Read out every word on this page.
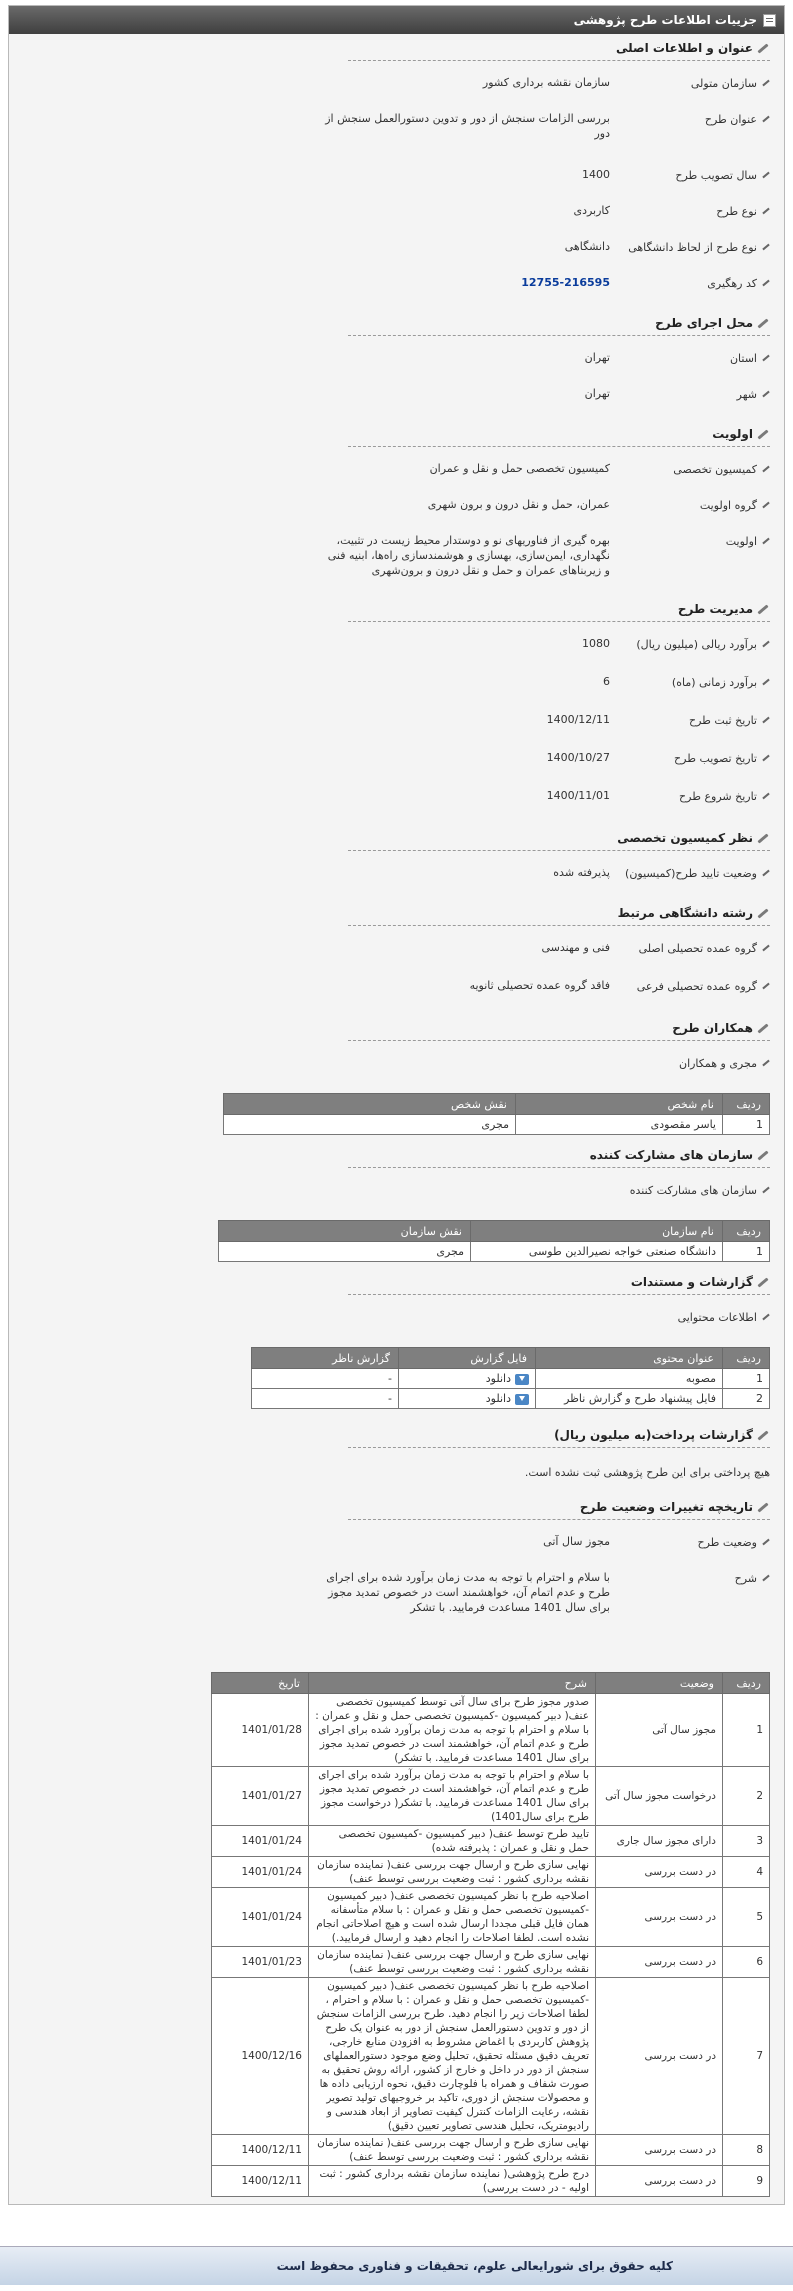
جزییات اطلاعات طرح پژوهشی
عنوان و اطلاعات اصلی
سازمان متولی
سازمان نقشه برداری کشور
عنوان طرح
بررسی الزامات سنجش از دور و تدوین دستورالعمل سنجش از دور
سال تصویب طرح
1400
نوع طرح
کاربردی
نوع طرح از لحاظ دانشگاهی
دانشگاهی
کد رهگیری
12755-216595
محل اجرای طرح
استان
تهران
شهر
تهران
اولویت
کمیسیون تخصصی
کمیسیون تخصصی حمل و نقل و عمران
گروه اولویت
عمران، حمل و نقل درون و برون شهری
اولویت
بهره گیری از فناوریهای نو و دوستدار محیط زیست در تثبیت، نگهداری، ایمن‌سازی، بهسازی و هوشمندسازی راه‌ها، ابنیه فنی و زیربناهای عمران و حمل و نقل درون و برون‌شهری
مدیریت طرح
برآورد ریالی (میلیون ریال)
1080
برآورد زمانی (ماه)
6
تاریخ ثبت طرح
1400/12/11
تاریخ تصویب طرح
1400/10/27
تاریخ شروع طرح
1400/11/01
نظر کمیسیون تخصصی
وضعیت تایید طرح(کمیسیون)
پذیرفته شده
رشته دانشگاهی مرتبط
گروه عمده تحصیلی اصلی
فنی و مهندسی
گروه عمده تحصیلی فرعی
فاقد گروه عمده تحصیلی ثانویه
همکاران طرح
مجری و همکاران
ردیف	نام شخص	نقش شخص
1	یاسر مقصودی	مجری
سازمان های مشارکت کننده
سازمان های مشارکت کننده
ردیف	نام سازمان	نقش سازمان
1	دانشگاه صنعتی خواجه نصیرالدین طوسی	مجری
گزارشات و مستندات
اطلاعات محتوایی
ردیف	عنوان محتوی	فایل گزارش	گزارش ناظر
1	مصوبه	دانلود	-
2	فایل پیشنهاد طرح و گزارش ناظر	دانلود	-
گزارشات پرداخت(به میلیون ریال)
هیچ پرداختی برای این طرح پژوهشی ثبت نشده است.
تاریخچه تغییرات وضعیت طرح
وضعیت طرح
مجوز سال آتی
شرح
با سلام و احترام با توجه به مدت زمان برآورد شده برای اجرای طرح و عدم اتمام آن، خواهشمند است در خصوص تمدید مجوز برای سال 1401 مساعدت فرمایید. با تشکر
ردیف	وضعیت	شرح	تاریخ
1	مجوز سال آتی	صدور مجوز طرح برای سال آتی توسط کمیسیون تخصصی عنف( دبیر کمیسیون -کمیسیون تخصصی حمل و نقل و عمران : با سلام و احترام با توجه به مدت زمان برآورد شده برای اجرای طرح و عدم اتمام آن، خواهشمند است در خصوص تمدید مجوز برای سال 1401 مساعدت فرمایید. با تشکر)	1401/01/28
2	درخواست مجوز سال آتی	با سلام و احترام با توجه به مدت زمان برآورد شده برای اجرای طرح و عدم اتمام آن، خواهشمند است در خصوص تمدید مجوز برای سال 1401 مساعدت فرمایید. با تشکر( درخواست مجوز طرح برای سال1401)	1401/01/27
3	دارای مجوز سال جاری	تایید طرح توسط عنف( دبیر کمیسیون -کمیسیون تخصصی حمل و نقل و عمران : پذیرفته شده)	1401/01/24
4	در دست بررسی	نهایی سازی طرح و ارسال جهت بررسی عنف( نماینده سازمان نقشه برداری کشور : ثبت وضعیت بررسی توسط عنف)	1401/01/24
5	در دست بررسی	اصلاحیه طرح با نظر کمیسیون تخصصی عنف( دبیر کمیسیون -کمیسیون تخصصی حمل و نقل و عمران : با سلام متأسفانه همان فایل قبلی مجددا ارسال شده است و هیچ اصلاحاتی انجام نشده است. لطفا اصلاحات را انجام دهید و ارسال فرمایید.)	1401/01/24
6	در دست بررسی	نهایی سازی طرح و ارسال جهت بررسی عنف( نماینده سازمان نقشه برداری کشور : ثبت وضعیت بررسی توسط عنف)	1401/01/23
7	در دست بررسی	اصلاحیه طرح با نظر کمیسیون تخصصی عنف( دبیر کمیسیون -کمیسیون تخصصی حمل و نقل و عمران : با سلام و احترام ، لطفا اصلاحات زیر را انجام دهید. طرح بررسی الزامات سنجش از دور و تدوین دستورالعمل سنجش از دور به عنوان یک طرح پژوهش کاربردی با اغماض مشروط به افزودن منابع خارجی، تعریف دقیق مسئله تحقیق، تحلیل وضع موجود دستورالعملهای سنجش از دور در داخل و خارج از کشور، ارائه روش تحقیق به صورت شفاف و همراه با فلوچارت دقیق، نحوه ارزیابی داده ها و محصولات سنجش از دوری، تاکید بر خروجیهای تولید تصویر نقشه، رعایت الزامات کنترل کیفیت تصاویر از ابعاد هندسی و رادیومتریک، تحلیل هندسی تصاویر تعیین دقیق)	1400/12/16
8	در دست بررسی	نهایی سازی طرح و ارسال جهت بررسی عنف( نماینده سازمان نقشه برداری کشور : ثبت وضعیت بررسی توسط عنف)	1400/12/11
9	در دست بررسی	درج طرح پژوهشی( نماینده سازمان نقشه برداری کشور : ثبت اولیه - در دست بررسی)	1400/12/11
کلیه حقوق برای شورایعالی علوم، تحقیقات و فناوری محفوظ است
